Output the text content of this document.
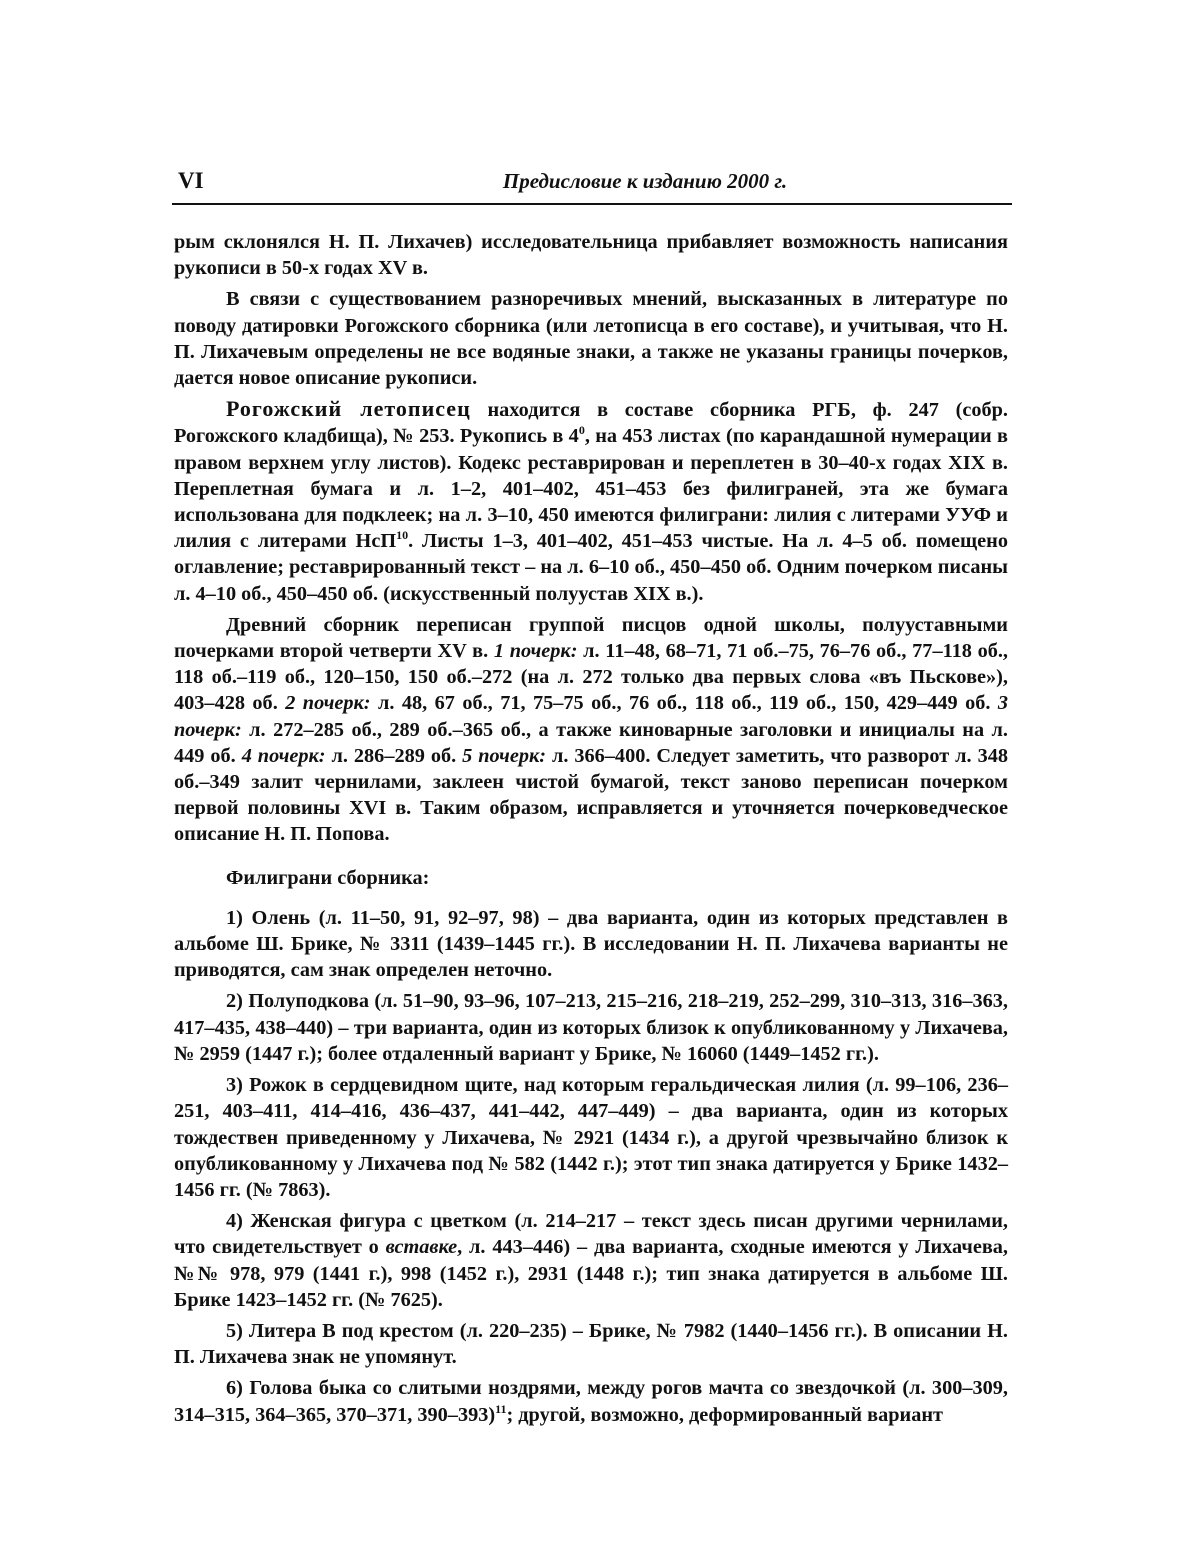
VI	Предисловие к изданию 2000 г.

рым склонялся Н. П. Лихачев) исследовательница прибавляет возможность написания рукописи в 50-х годах XV в.

В связи с существованием разноречивых мнений, высказанных в литературе по поводу датировки Рогожского сборника (или летописца в его составе), и учитывая, что Н. П. Лихачевым определены не все водяные знаки, а также не указаны границы почерков, дается новое описание рукописи.

Рогожский летописец находится в составе сборника РГБ, ф. 247 (собр. Рогожского кладбища), № 253. Рукопись в $4^0$, на 453 листах (по карандашной нумерации в правом верхнем углу листов). Кодекс реставрирован и переплетен в 30–40-х годах XIX в. Переплетная бумага и л. 1–2, 401–402, 451–453 без филиграней, эта же бумага использована для подклеек; на л. 3–10, 450 имеются филиграни: лилия с литерами УУФ и лилия с литерами НсП$^{10}$. Листы 1–3, 401–402, 451–453 чистые. На л. 4–5 об. помещено оглавление; реставрированный текст – на л. 6–10 об., 450–450 об. Одним почерком писаны л. 4–10 об., 450–450 об. (искусственный полуустав XIX в.).

Древний сборник переписан группой писцов одной школы, полууставными почерками второй четверти XV в. 1 почерк: л. 11–48, 68–71, 71 об.–75, 76–76 об., 77–118 об., 118 об.–119 об., 120–150, 150 об.–272 (на л. 272 только два первых слова «въ Пьскове»), 403–428 об. 2 почерк: л. 48, 67 об., 71, 75–75 об., 76 об., 118 об., 119 об., 150, 429–449 об. 3 почерк: л. 272–285 об., 289 об.–365 об., а также киноварные заголовки и инициалы на л. 449 об. 4 почерк: л. 286–289 об. 5 почерк: л. 366–400. Следует заметить, что разворот л. 348 об.–349 залит чернилами, заклеен чистой бумагой, текст заново переписан почерком первой половины XVI в. Таким образом, исправляется и уточняется почерковедческое описание Н. П. Попова.

Филиграни сборника:

1) Олень (л. 11–50, 91, 92–97, 98) – два варианта, один из которых представлен в альбоме Ш. Брике, № 3311 (1439–1445 гг.). В исследовании Н. П. Лихачева варианты не приводятся, сам знак определен неточно.

2) Полуподкова (л. 51–90, 93–96, 107–213, 215–216, 218–219, 252–299, 310–313, 316–363, 417–435, 438–440) – три варианта, один из которых близок к опубликованному у Лихачева, № 2959 (1447 г.); более отдаленный вариант у Брике, № 16060 (1449–1452 гг.).

3) Рожок в сердцевидном щите, над которым геральдическая лилия (л. 99–106, 236–251, 403–411, 414–416, 436–437, 441–442, 447–449) – два варианта, один из которых тождествен приведенному у Лихачева, № 2921 (1434 г.), а другой чрезвычайно близок к опубликованному у Лихачева под № 582 (1442 г.); этот тип знака датируется у Брике 1432–1456 гг. (№ 7863).

4) Женская фигура с цветком (л. 214–217 – текст здесь писан другими чернилами, что свидетельствует о вставке, л. 443–446) – два варианта, сходные имеются у Лихачева, №№ 978, 979 (1441 г.), 998 (1452 г.), 2931 (1448 г.); тип знака датируется в альбоме Ш. Брике 1423–1452 гг. (№ 7625).

5) Литера В под крестом (л. 220–235) – Брике, № 7982 (1440–1456 гг.). В описании Н. П. Лихачева знак не упомянут.

6) Голова быка со слитыми ноздрями, между рогов мачта со звездочкой (л. 300–309, 314–315, 364–365, 370–371, 390–393)$^{11}$; другой, возможно, деформированный вариант
